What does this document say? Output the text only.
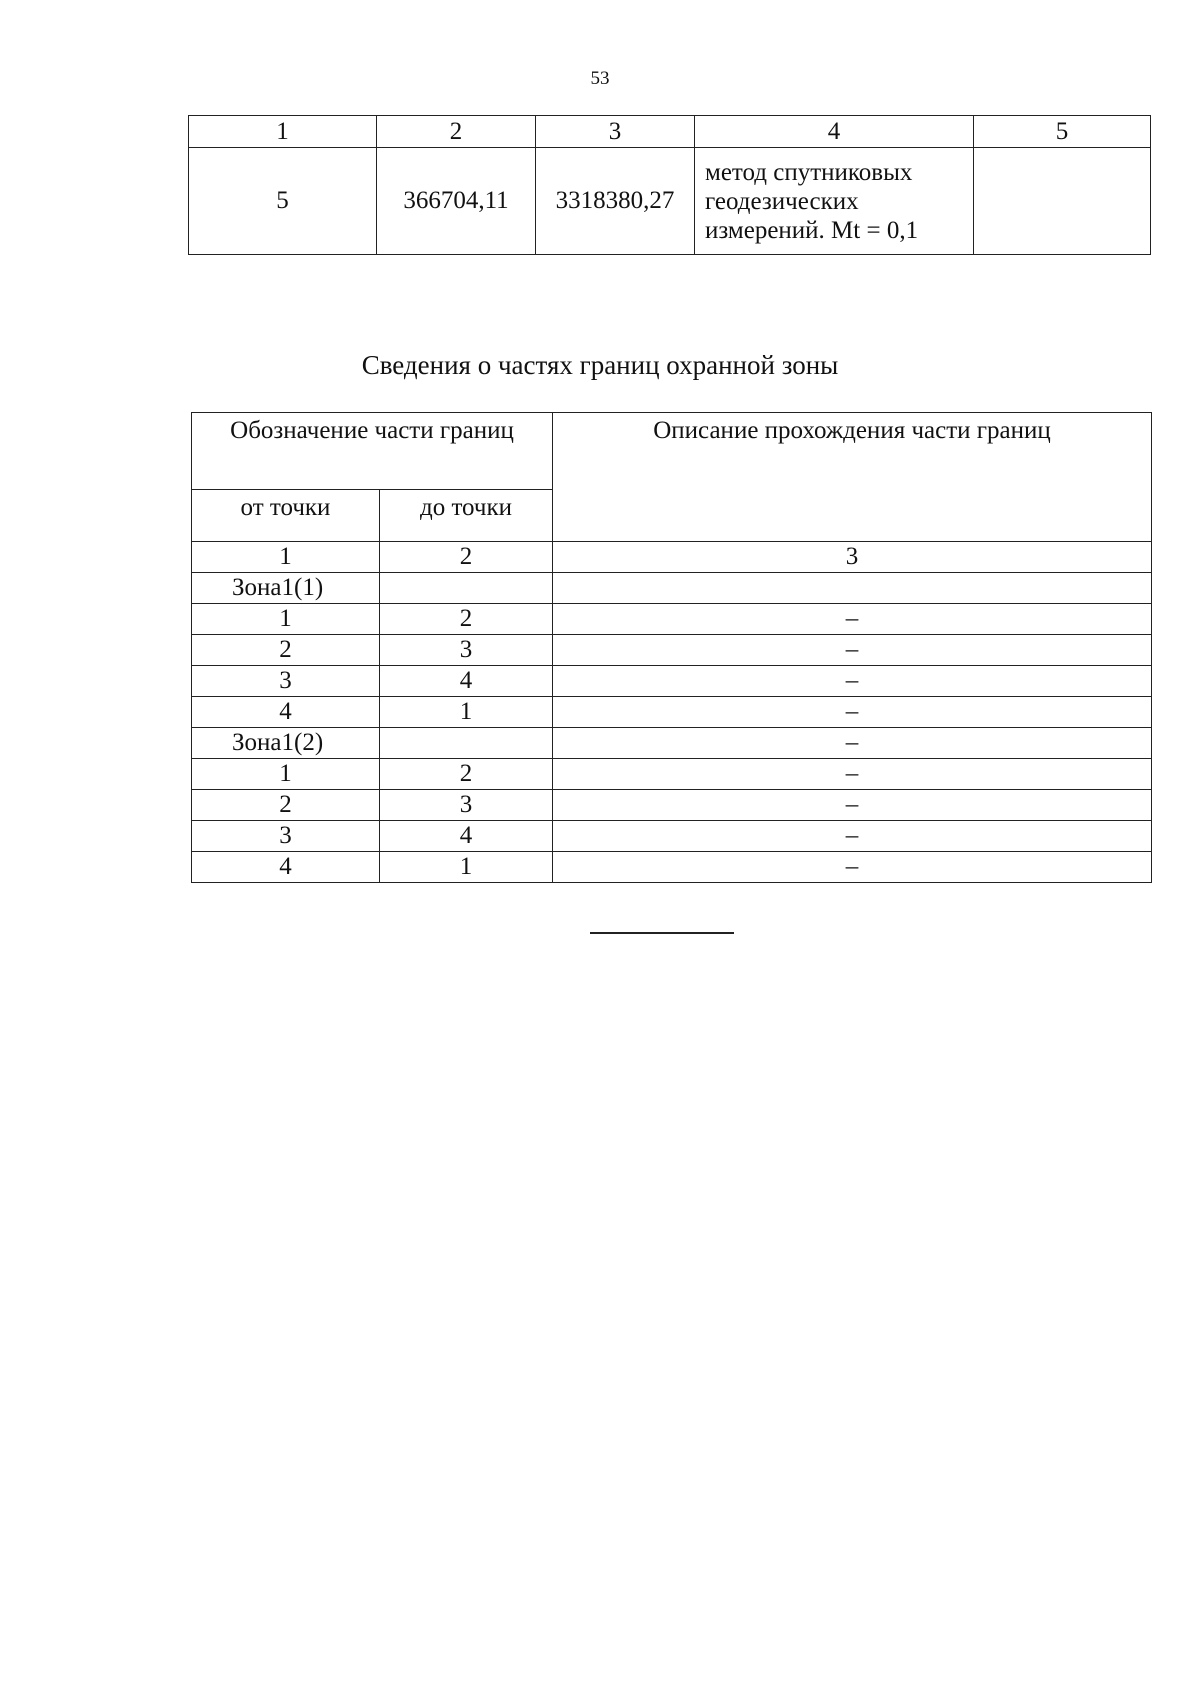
53
1	2	3	4	5
5	366704,11	3318380,27	метод спутниковых
геодезических
измерений. Mt = 0,1	

Сведения о частях границ охранной зоны
Обозначение части границ		Описание прохождения части границ
от точки	до точки	
1	2	3
Зона1(1)		
1	2	–
2	3	–
3	4	–
4	1	–
Зона1(2)		–
1	2	–
2	3	–
3	4	–
4	1	–
